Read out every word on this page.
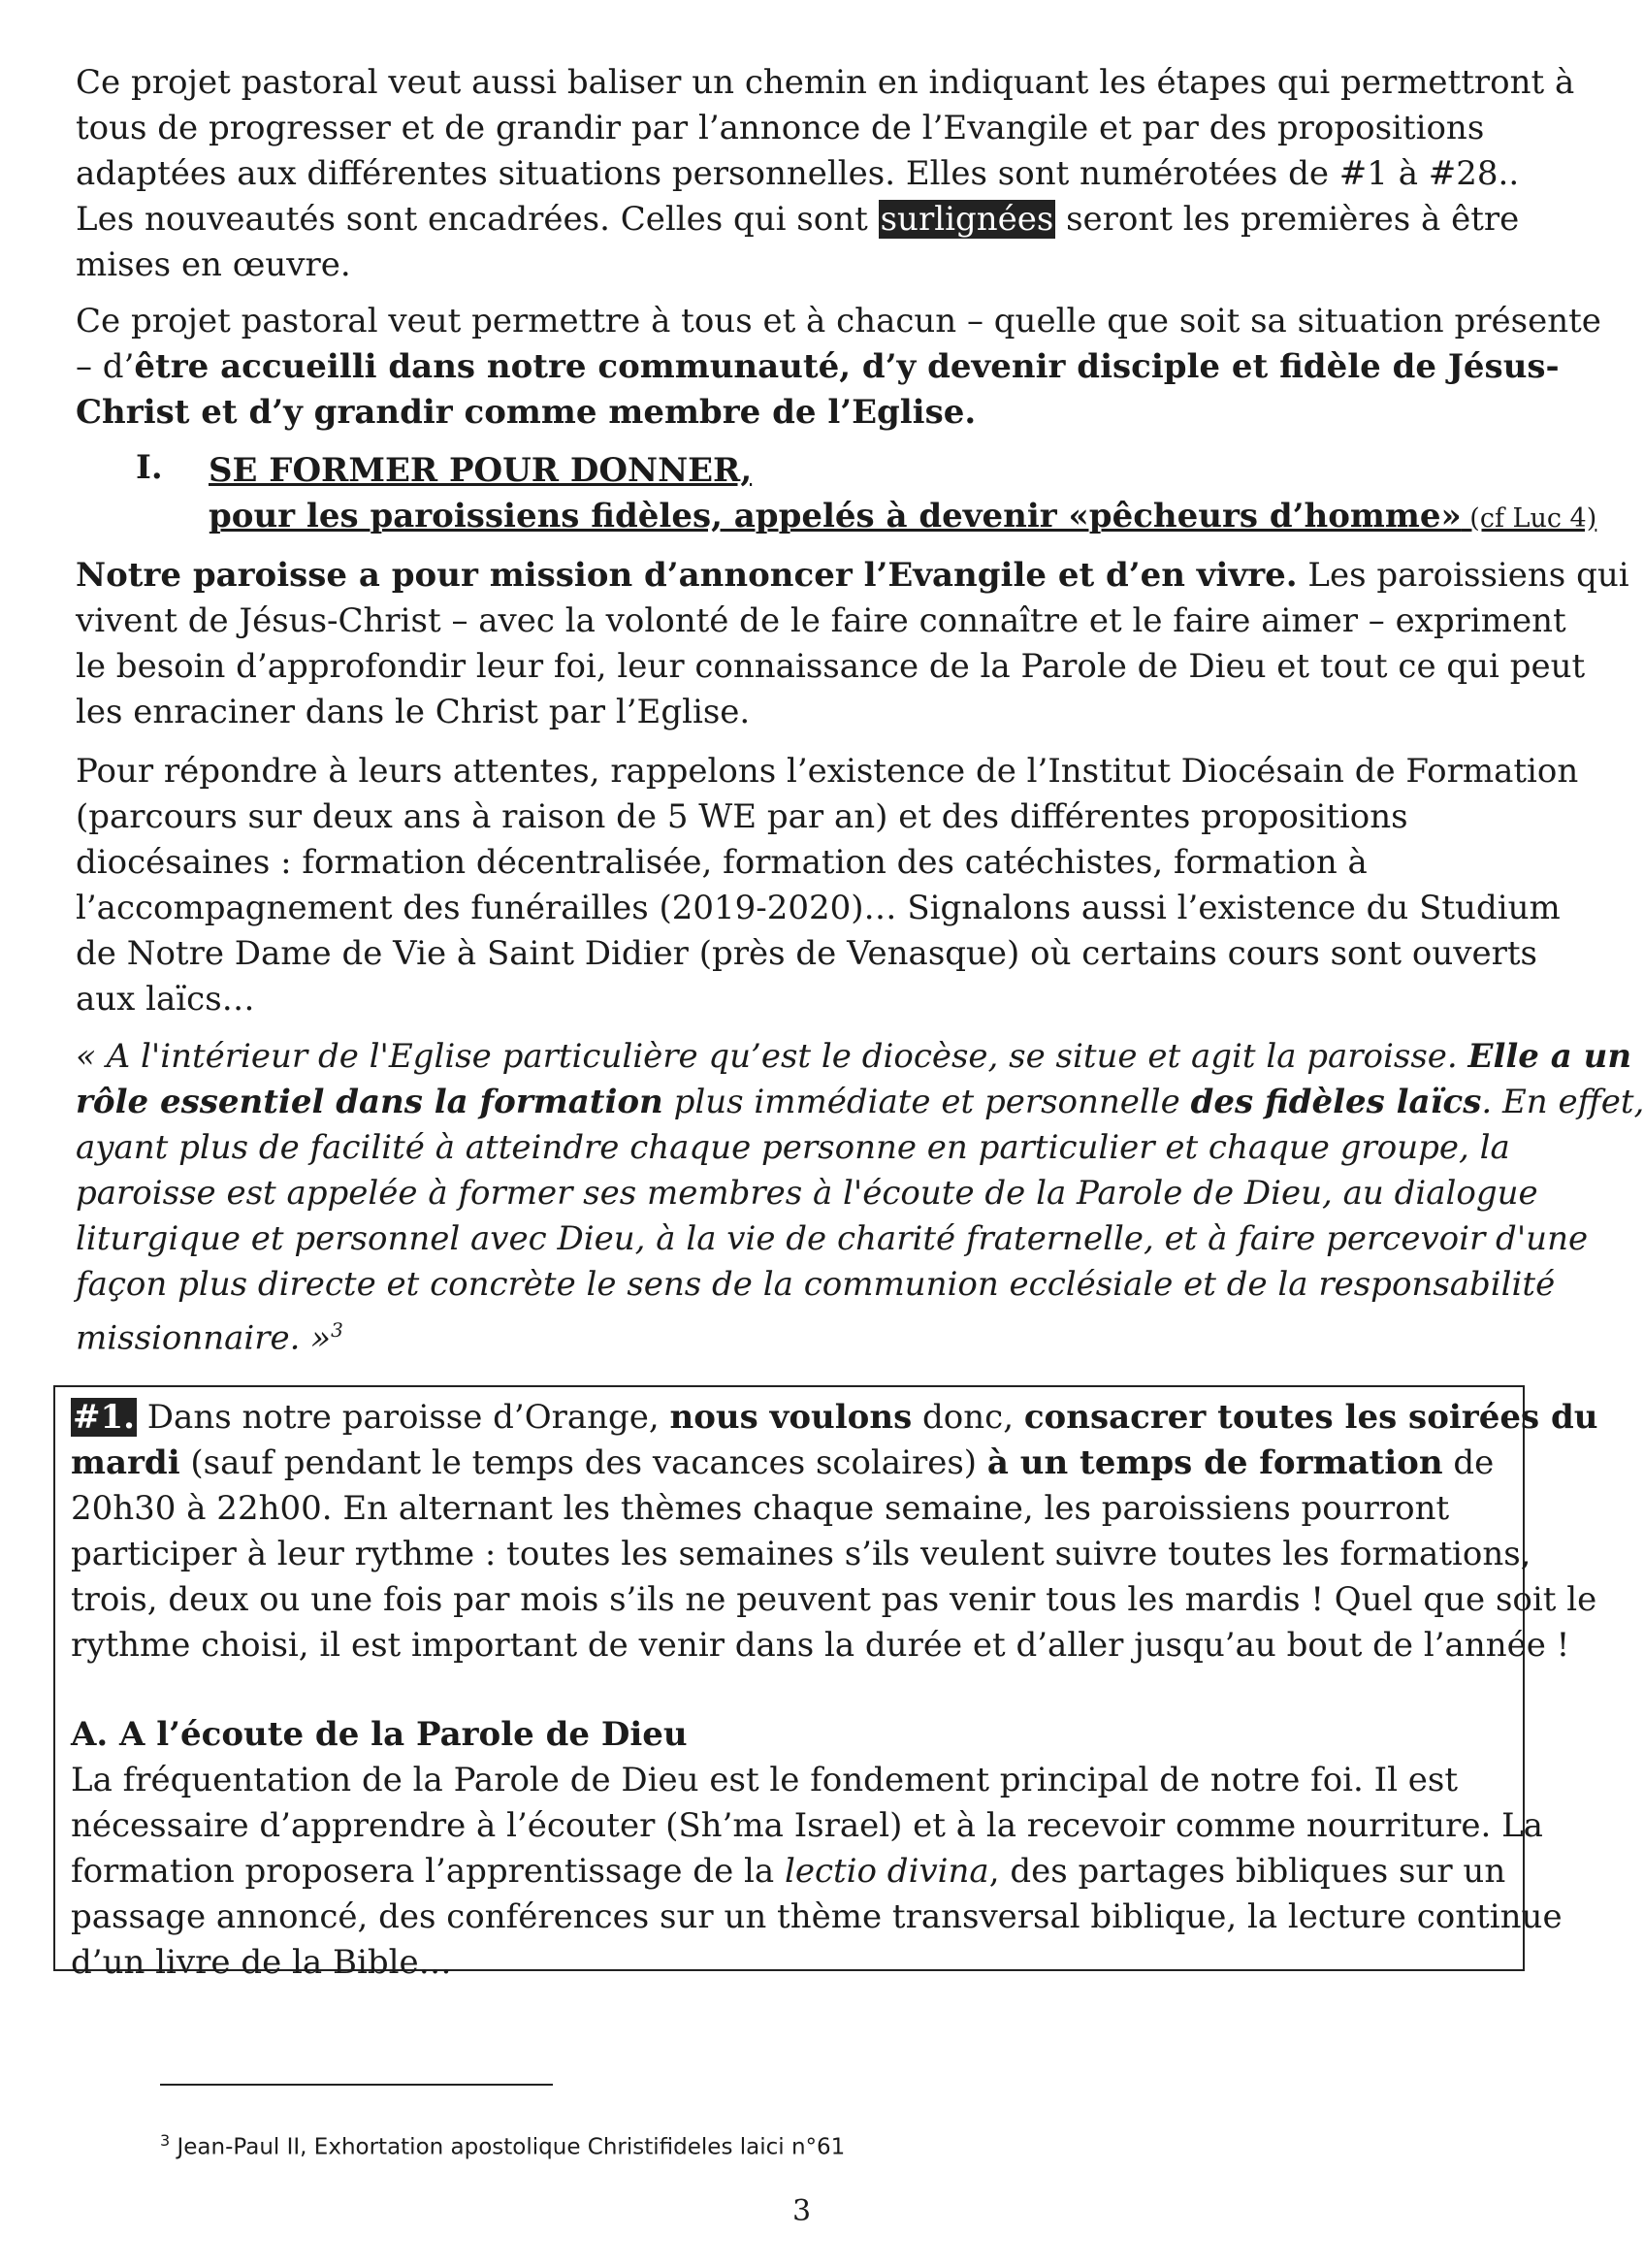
Ce projet pastoral veut aussi baliser un chemin en indiquant les étapes qui permettront à
tous de progresser et de grandir par l’annonce de l’Evangile et par des propositions
adaptées aux différentes situations personnelles. Elles sont numérotées de #1 à #28..
Les nouveautés sont encadrées. Celles qui sont surlignées seront les premières à être
mises en œuvre.
Ce projet pastoral veut permettre à tous et à chacun – quelle que soit sa situation présente
– d’être accueilli dans notre communauté, d’y devenir disciple et fidèle de Jésus-
Christ et d’y grandir comme membre de l’Eglise.
I. SE FORMER POUR DONNER,
pour les paroissiens fidèles, appelés à devenir «pêcheurs d’homme» (cf Luc 4)
Notre paroisse a pour mission d’annoncer l’Evangile et d’en vivre. Les paroissiens qui
vivent de Jésus-Christ – avec la volonté de le faire connaître et le faire aimer – expriment
le besoin d’approfondir leur foi, leur connaissance de la Parole de Dieu et tout ce qui peut
les enraciner dans le Christ par l’Eglise.
Pour répondre à leurs attentes, rappelons l’existence de l’Institut Diocésain de Formation
(parcours sur deux ans à raison de 5 WE par an) et des différentes propositions
diocésaines : formation décentralisée, formation des catéchistes, formation à
l’accompagnement des funérailles (2019-2020)… Signalons aussi l’existence du Studium
de Notre Dame de Vie à Saint Didier (près de Venasque) où certains cours sont ouverts
aux laïcs…
« A l'intérieur de l'Eglise particulière qu’est le diocèse, se situe et agit la paroisse. Elle a un
rôle essentiel dans la formation plus immédiate et personnelle des fidèles laïcs. En effet,
ayant plus de facilité à atteindre chaque personne en particulier et chaque groupe, la
paroisse est appelée à former ses membres à l'écoute de la Parole de Dieu, au dialogue
liturgique et personnel avec Dieu, à la vie de charité fraternelle, et à faire percevoir d'une
façon plus directe et concrète le sens de la communion ecclésiale et de la responsabilité
missionnaire. »$^3$
#1. Dans notre paroisse d’Orange, nous voulons donc, consacrer toutes les soirées du
mardi (sauf pendant le temps des vacances scolaires) à un temps de formation de
20h30 à 22h00. En alternant les thèmes chaque semaine, les paroissiens pourront
participer à leur rythme : toutes les semaines s’ils veulent suivre toutes les formations,
trois, deux ou une fois par mois s’ils ne peuvent pas venir tous les mardis ! Quel que soit le
rythme choisi, il est important de venir dans la durée et d’aller jusqu’au bout de l’année !
A. A l’écoute de la Parole de Dieu
La fréquentation de la Parole de Dieu est le fondement principal de notre foi. Il est
nécessaire d’apprendre à l’écouter (Sh’ma Israel) et à la recevoir comme nourriture. La
formation proposera l’apprentissage de la lectio divina, des partages bibliques sur un
passage annoncé, des conférences sur un thème transversal biblique, la lecture continue
d’un livre de la Bible…
$^3$ Jean-Paul II, Exhortation apostolique Christifideles laici n°61
3
